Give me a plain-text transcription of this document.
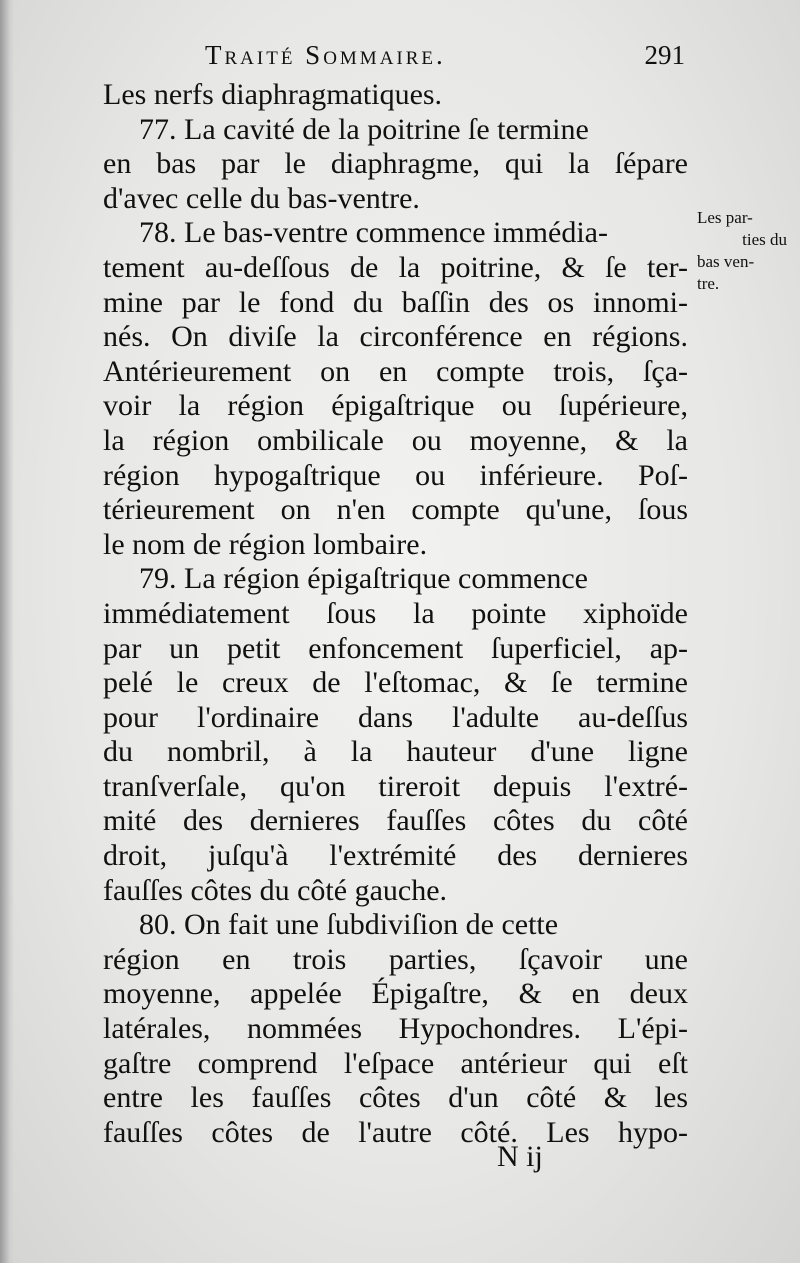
Traité Sommaire.	291
Les nerfs diaphragmatiques.
77. La cavité de la poitrine ſe termine
en bas par le diaphragme, qui la ſépare
d'avec celle du bas-ventre.
78. Le bas-ventre commence immédia-
tement au-deſſous de la poitrine, & ſe ter-
mine par le fond du baſſin des os innomi-
nés. On diviſe la circonférence en régions.
Antérieurement on en compte trois, ſça-
voir la région épigaſtrique ou ſupérieure,
la région ombilicale ou moyenne, & la
région hypogaſtrique ou inférieure. Poſ-
térieurement on n'en compte qu'une, ſous
le nom de région lombaire.
79. La région épigaſtrique commence
immédiatement ſous la pointe xiphoïde
par un petit enfoncement ſuperficiel, ap-
pelé le creux de l'eſtomac, & ſe termine
pour l'ordinaire dans l'adulte au-deſſus
du nombril, à la hauteur d'une ligne
tranſverſale, qu'on tireroit depuis l'extré-
mité des dernieres fauſſes côtes du côté
droit, juſqu'à l'extrémité des dernieres
fauſſes côtes du côté gauche.
80. On fait une ſubdiviſion de cette
région en trois parties, ſçavoir une
moyenne, appelée Épigaſtre, & en deux
latérales, nommées Hypochondres. L'épi-
gaſtre comprend l'eſpace antérieur qui eſt
entre les fauſſes côtes d'un côté & les
fauſſes côtes de l'autre côté. Les hypo-
Les par-
ties du
bas ven-
tre.
N ij
